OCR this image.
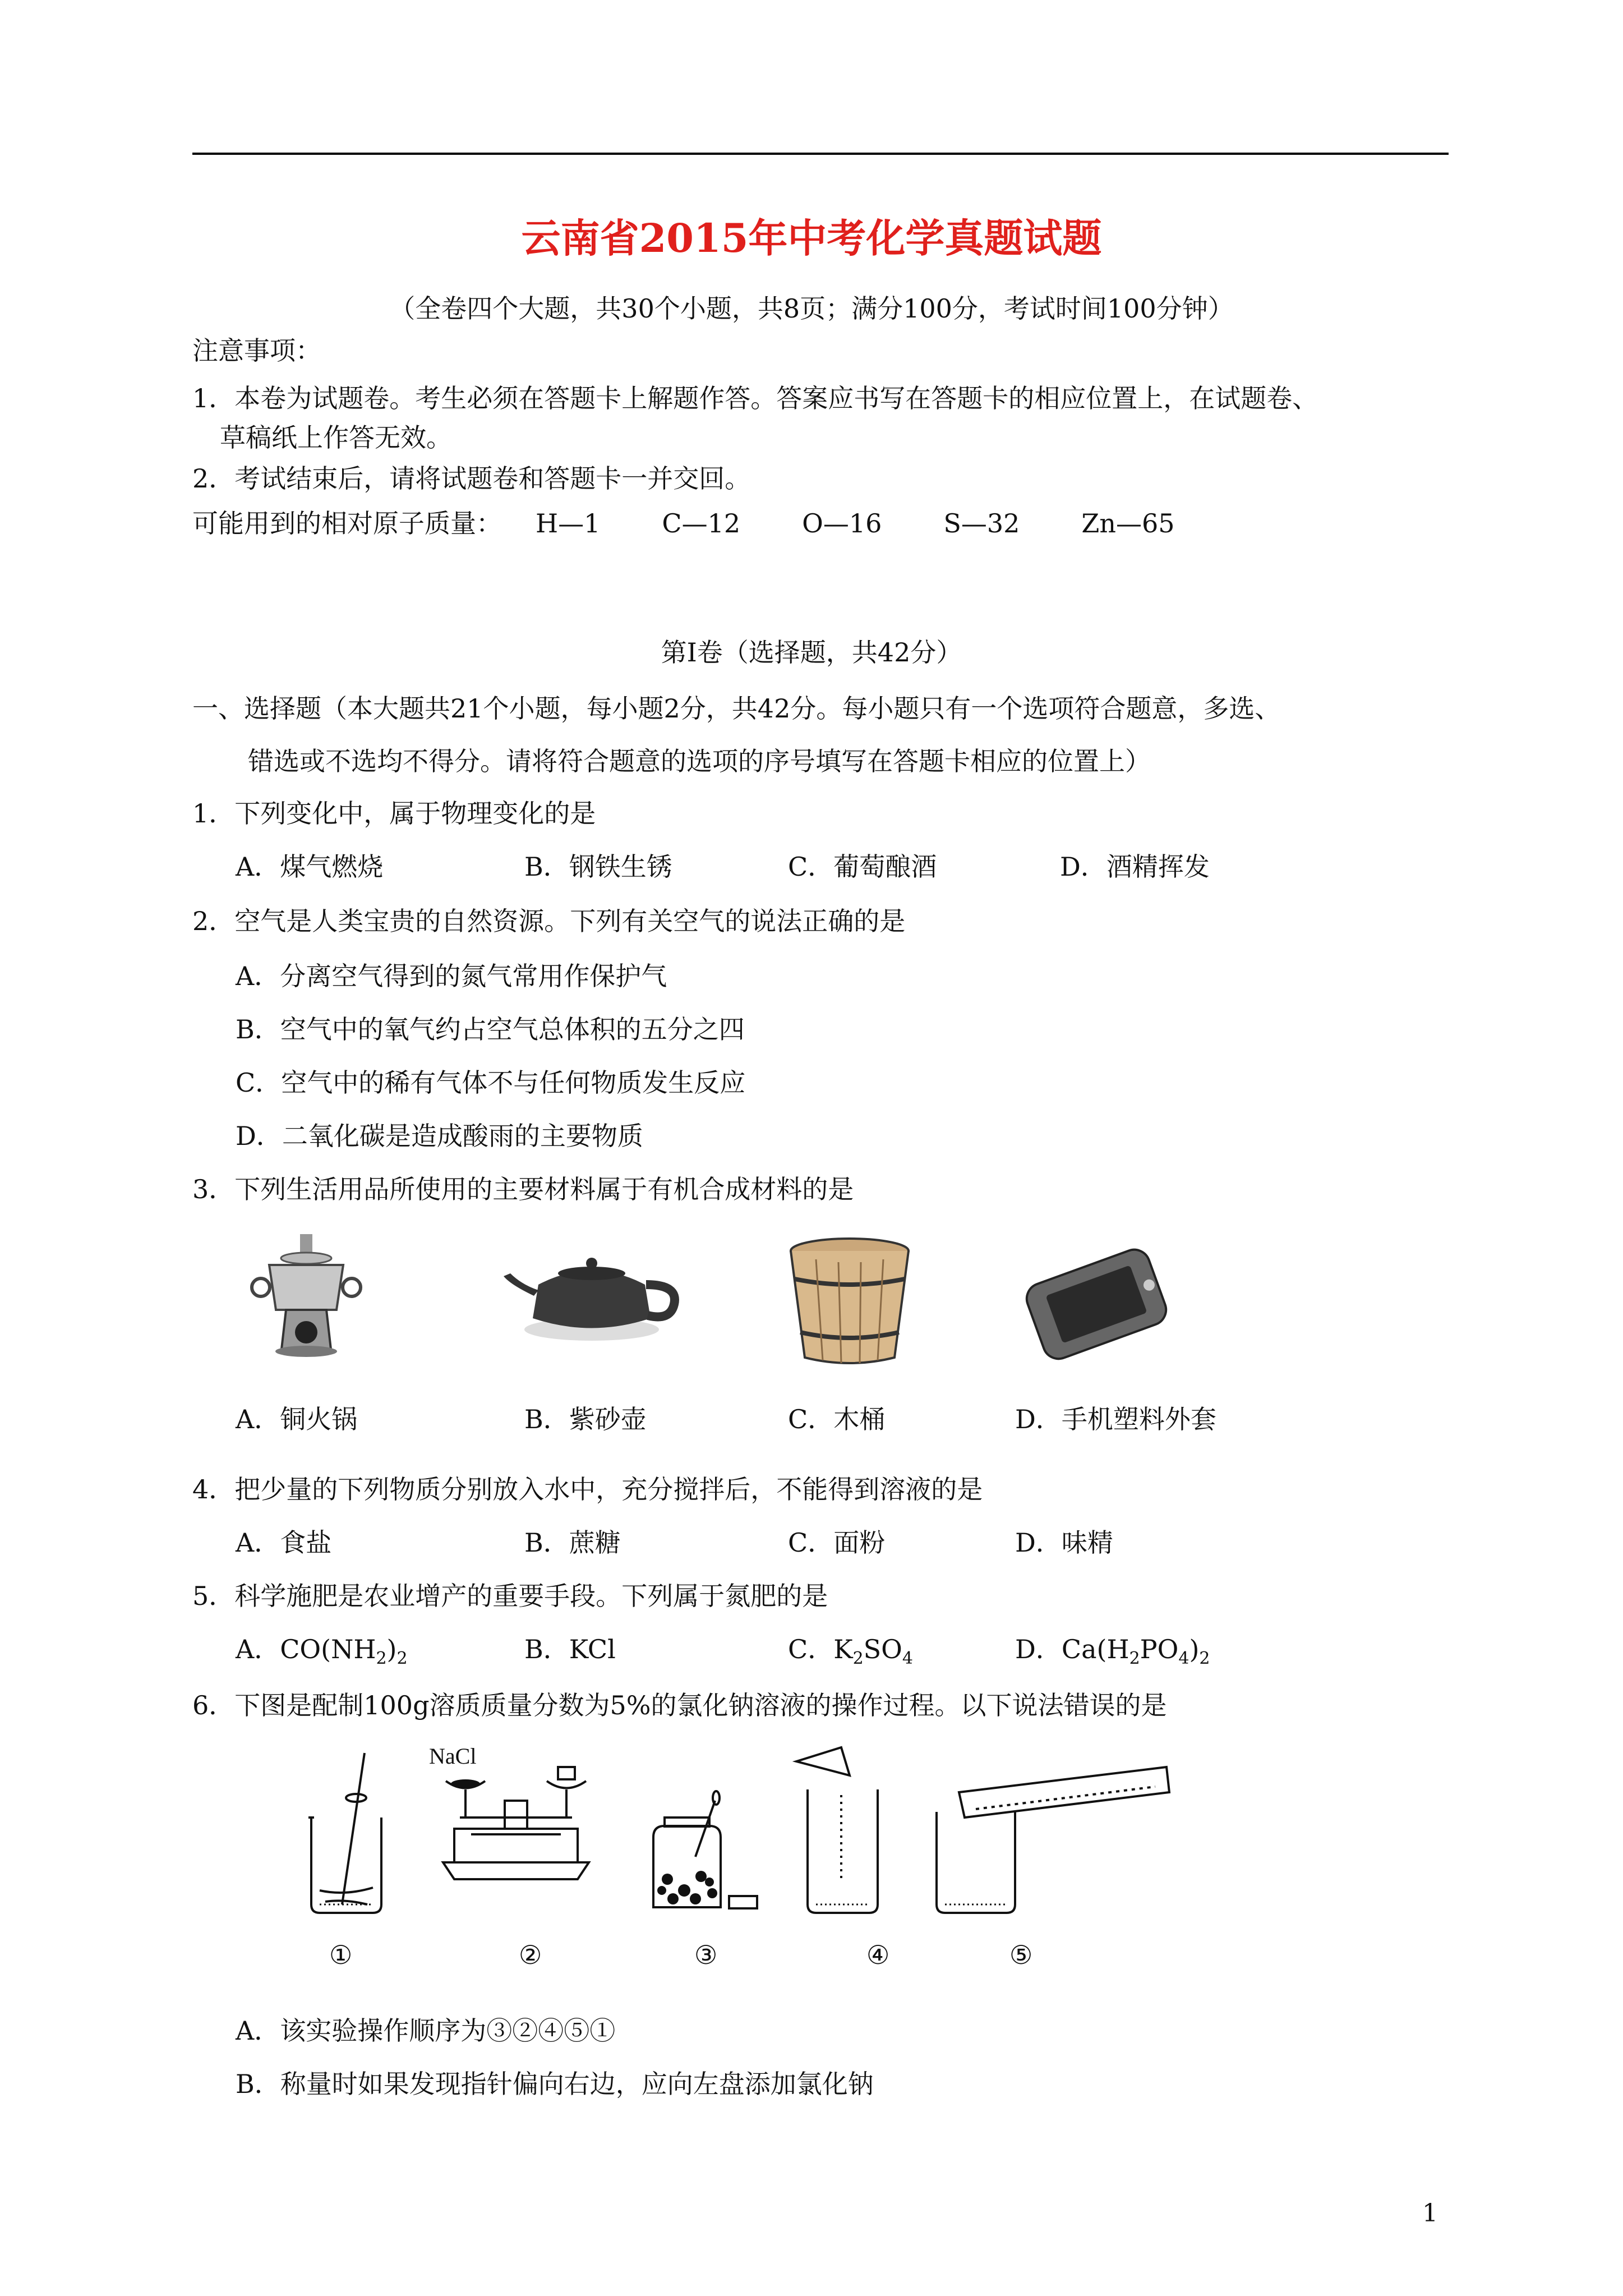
云南省2015年中考化学真题试题
（全卷四个大题，共30个小题，共8页；满分100分，考试时间100分钟）
注意事项：
1．本卷为试题卷。考生必须在答题卡上解题作答。答案应书写在答题卡的相应位置上，在试题卷、
草稿纸上作答无效。
2．考试结束后，请将试题卷和答题卡一并交回。
可能用到的相对原子质量： H—1 C—12 O—16 S—32 Zn—65
第Ⅰ卷（选择题，共42分）
一、选择题（本大题共21个小题，每小题2分，共42分。每小题只有一个选项符合题意，多选、
错选或不选均不得分。请将符合题意的选项的序号填写在答题卡相应的位置上）
1．下列变化中，属于物理变化的是
A．煤气燃烧	B．钢铁生锈	C．葡萄酿酒	D．酒精挥发
2．空气是人类宝贵的自然资源。下列有关空气的说法正确的是
A．分离空气得到的氮气常用作保护气
B．空气中的氧气约占空气总体积的五分之四
C．空气中的稀有气体不与任何物质发生反应
D．二氧化碳是造成酸雨的主要物质
3．下列生活用品所使用的主要材料属于有机合成材料的是
A．铜火锅	B．紫砂壶	C．木桶	D．手机塑料外套
4．把少量的下列物质分别放入水中，充分搅拌后，不能得到溶液的是
A．食盐	B．蔗糖	C．面粉	D．味精
5．科学施肥是农业增产的重要手段。下列属于氮肥的是
A．$CO(NH_2)_2$	B．KCl	C．$K_2SO_4$	D．$Ca(H_2PO_4)_2$
6．下图是配制100g溶质质量分数为5%的氯化钠溶液的操作过程。以下说法错误的是
NaCl
①	②	③	④	⑤
A．该实验操作顺序为③②④⑤①
B．称量时如果发现指针偏向右边，应向左盘添加氯化钠
1
